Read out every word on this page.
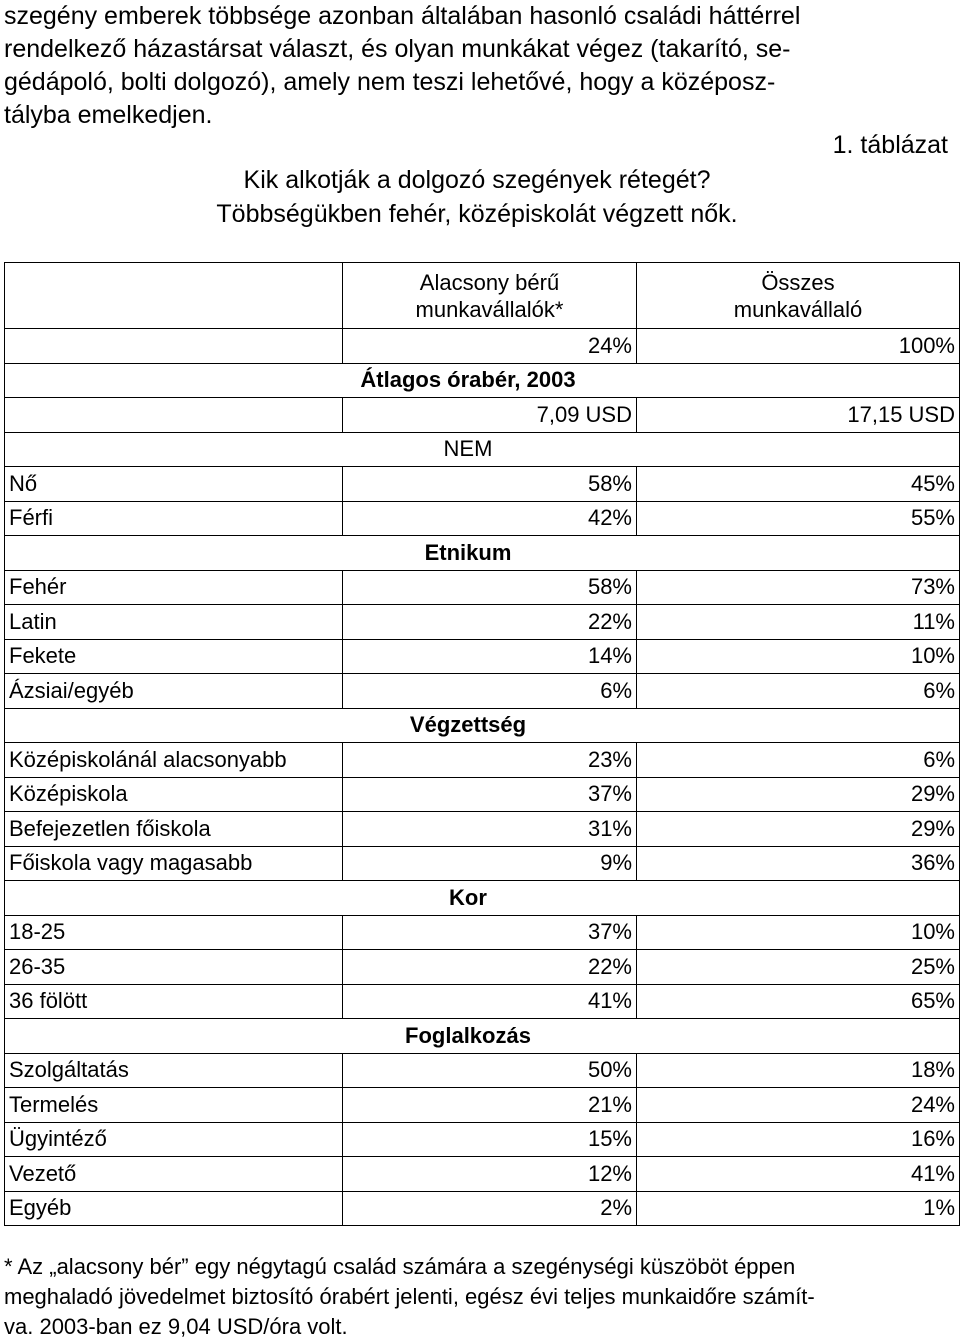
szegény emberek többsége azonban általában hasonló családi háttérrel

rendelkező házastársat választ, és olyan munkákat végez (takarító, se-

gédápoló, bolti dolgozó), amely nem teszi lehetővé, hogy a középosz-

tályba emelkedjen.

1. táblázat
Kik alkotják a dolgozó szegények rétegét?
Többségükben fehér, középiskolát végzett nők.
	Alacsony bérű munkavállalók*	Összes munkavállaló
	24%	100%
Átlagos órabér, 2003		
	7,09 USD	17,15 USD
NEM		
Nő	58%	45%
Férfi	42%	55%
Etnikum		
Fehér	58%	73%
Latin	22%	11%
Fekete	14%	10%
Ázsiai/egyéb	6%	6%
Végzettség		
Középiskolánál alacsonyabb	23%	6%
Középiskola	37%	29%
Befejezetlen főiskola	31%	29%
Főiskola vagy magasabb	9%	36%
Kor		
18-25	37%	10%
26-35	22%	25%
36 fölött	41%	65%
Foglalkozás		
Szolgáltatás	50%	18%
Termelés	21%	24%
Ügyintéző	15%	16%
Vezető	12%	41%
Egyéb	2%	1%

* Az „alacsony bér” egy négytagú család számára a szegénységi küszöböt éppen

meghaladó jövedelmet biztosító órabért jelenti, egész évi teljes munkaidőre számít-

va. 2003-ban ez 9,04 USD/óra volt.
